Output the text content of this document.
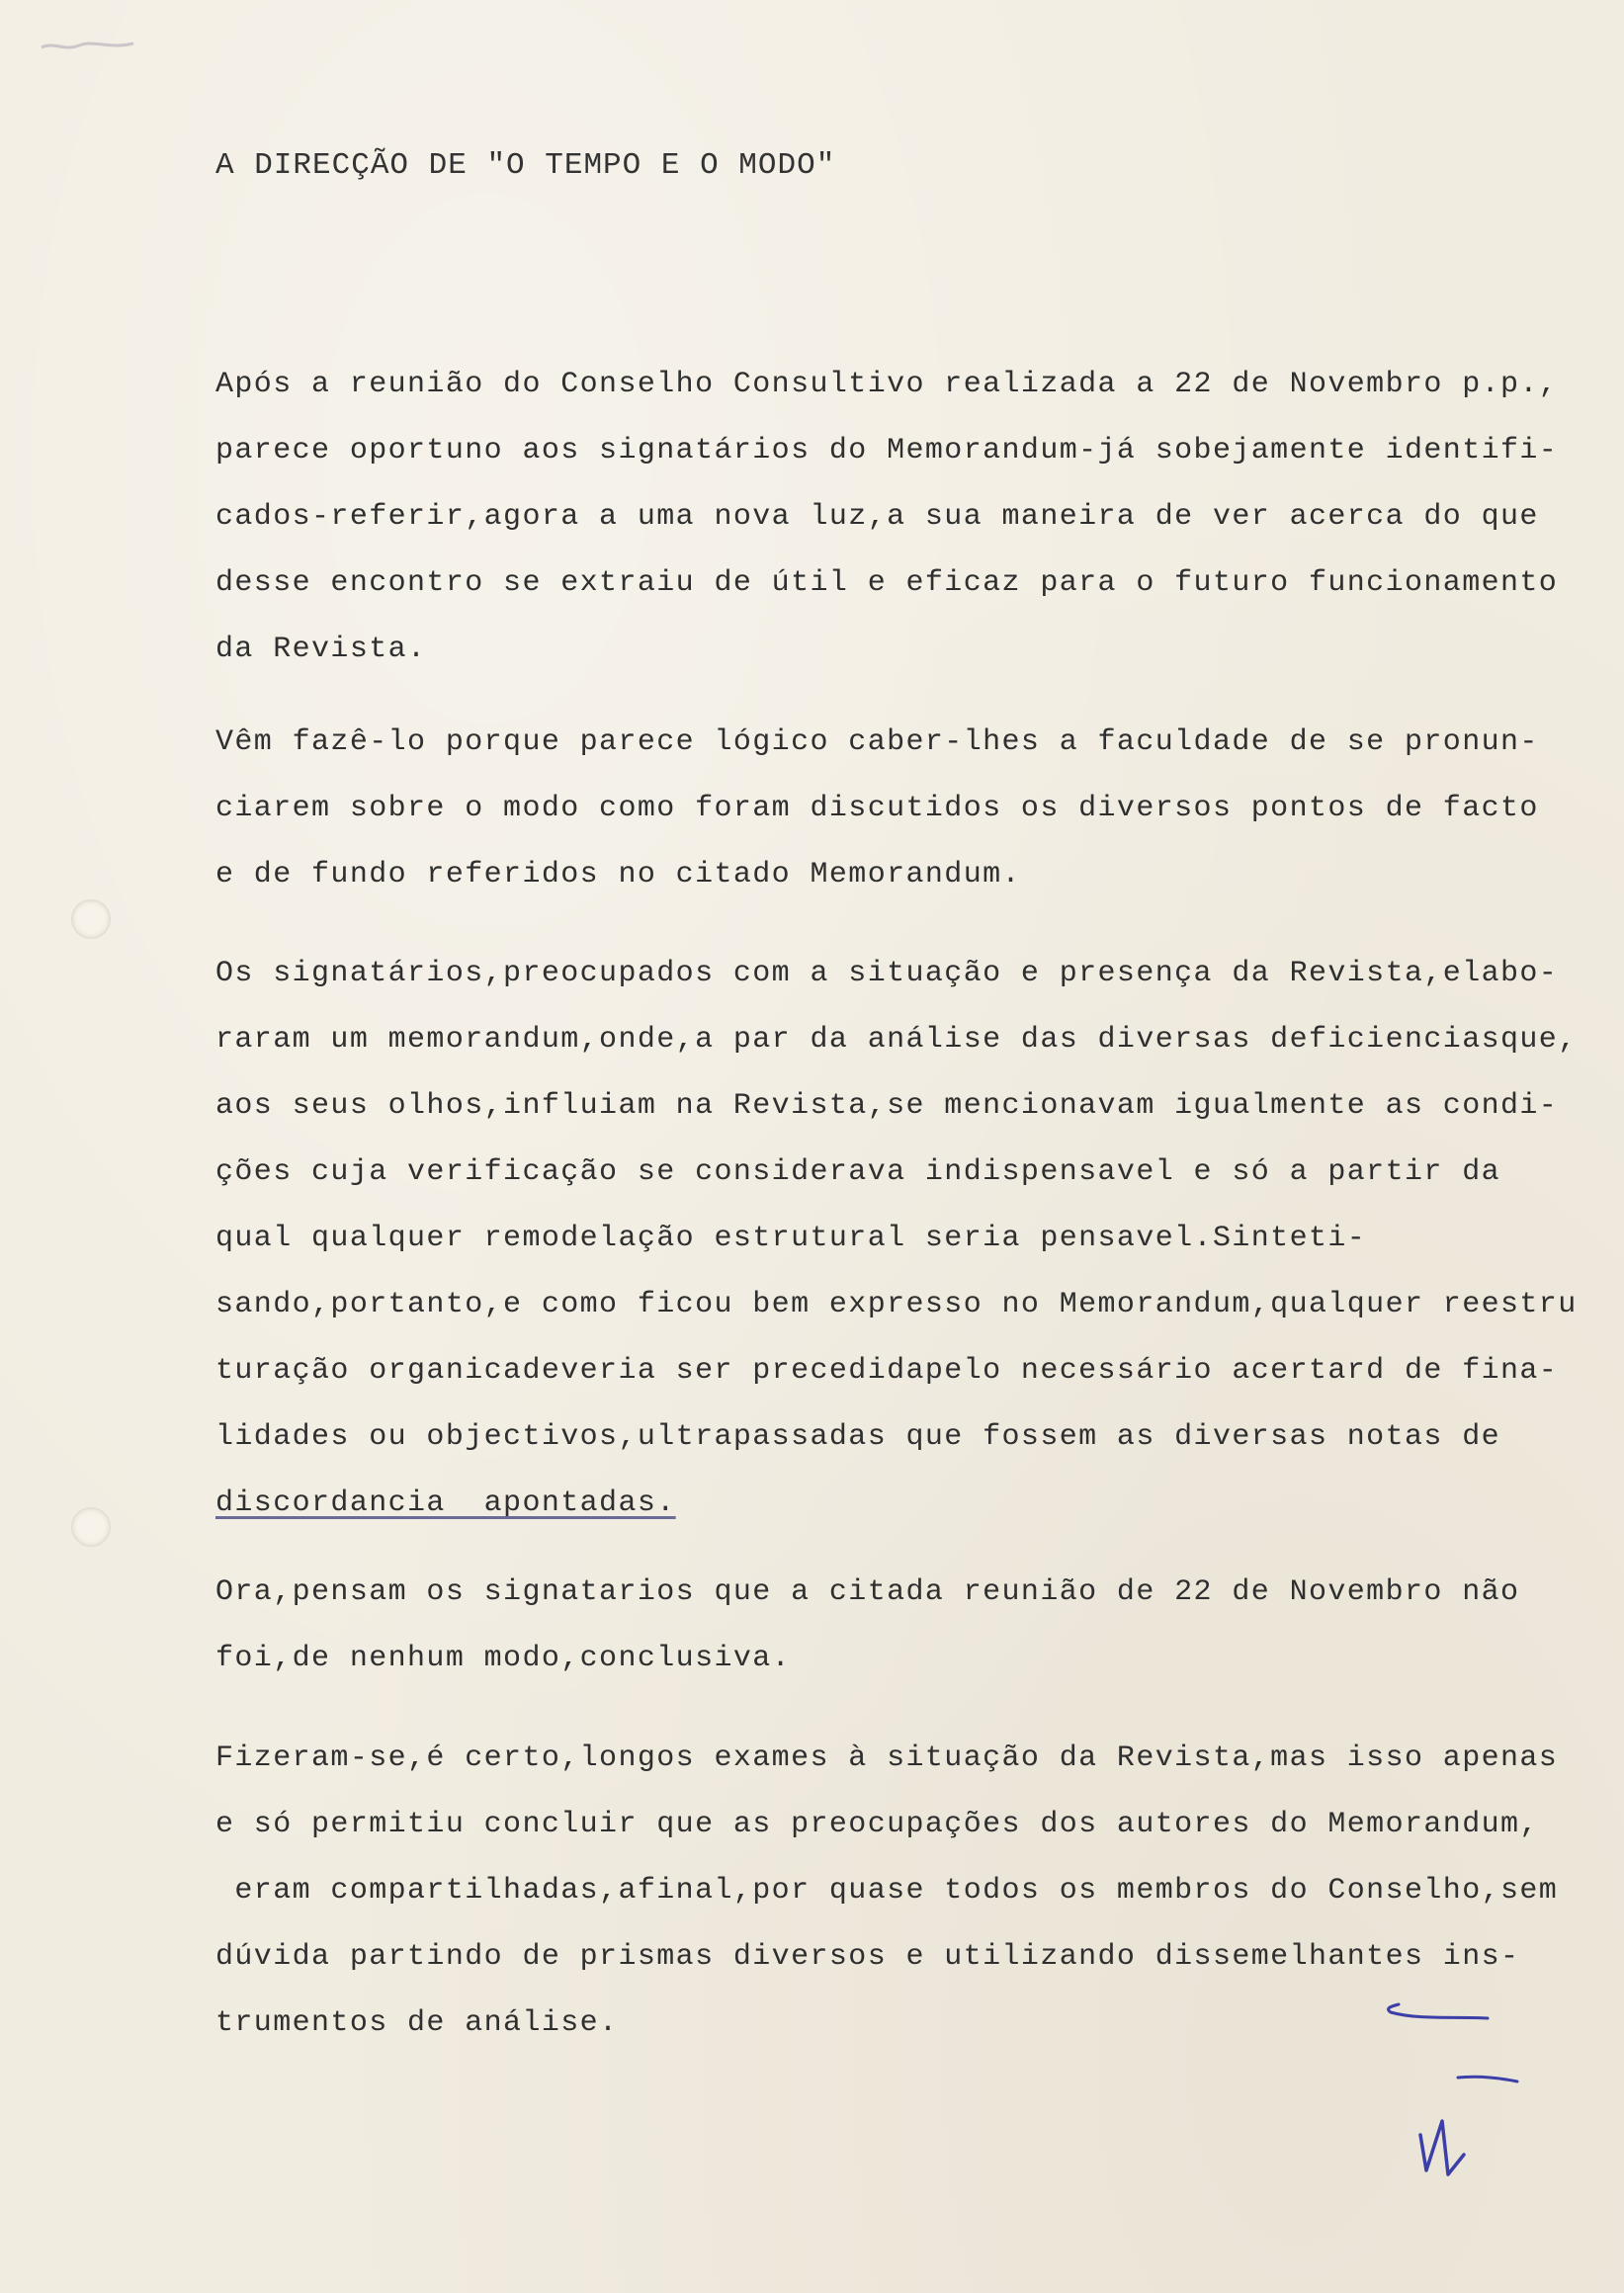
A DIRECÇÃO DE "O TEMPO E O MODO"
Após a reunião do Conselho Consultivo realizada a 22 de Novembro p.p.,
parece oportuno aos signatários do Memorandum-já sobejamente identifi-
cados-referir,agora a uma nova luz,a sua maneira de ver acerca do que
desse encontro se extraiu de útil e eficaz para o futuro funcionamento
da Revista.
Vêm fazê-lo porque parece lógico caber-lhes a faculdade de se pronun-
ciarem sobre o modo como foram discutidos os diversos pontos de facto
e de fundo referidos no citado Memorandum.
Os signatários,preocupados com a situação e presença da Revista,elabo-
raram um memorandum,onde,a par da análise das diversas deficienciasque,
aos seus olhos,influiam na Revista,se mencionavam igualmente as condi-
ções cuja verificação se considerava indispensavel e só a partir da
qual qualquer remodelação estrutural seria pensavel.Sinteti-
sando,portanto,e como ficou bem expresso no Memorandum,qualquer reestru
turação organicadeveria ser precedidapelo necessário acertard de fina-
lidades ou objectivos,ultrapassadas que fossem as diversas notas de
discordancia  apontadas.
Ora,pensam os signatarios que a citada reunião de 22 de Novembro não
foi,de nenhum modo,conclusiva.
Fizeram-se,é certo,longos exames à situação da Revista,mas isso apenas
e só permitiu concluir que as preocupações dos autores do Memorandum,
eram compartilhadas,afinal,por quase todos os membros do Conselho,sem
dúvida partindo de prismas diversos e utilizando dissemelhantes ins-
trumentos de análise.
